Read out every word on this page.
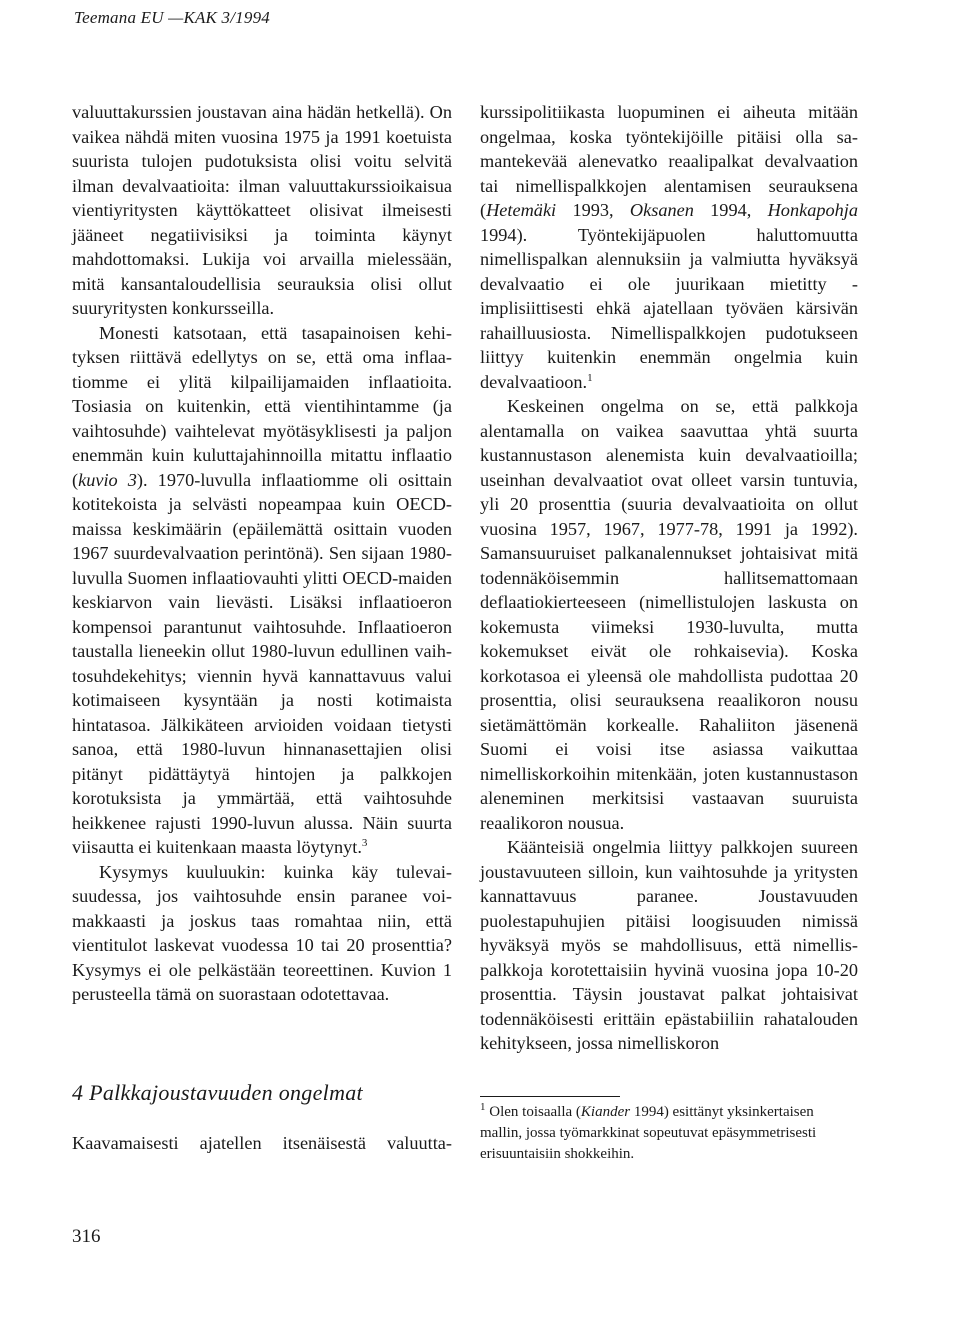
Teemana EU —KAK 3/1994

valuuttakurssien joustavan aina hädän hetkellä). On vaikea nähdä miten vuosina 1975 ja 1991 koetuista suurista tulojen pudotuksista olisi voitu selvitä ilman devalvaatioita: ilman valuuttakurssioikaisua vientiyritysten käyttökatteet olisivat ilmeisesti jääneet negatiivisiksi ja toiminta käynyt mahdottomaksi. Lukija voi arvailla mielessään, mitä kansantaloudellisia seurauksia olisi ollut suuryritysten konkursseilla.

Monesti katsotaan, että tasapainoisen kehityksen riittävä edellytys on se, että oma inflaatiomme ei ylitä kilpailijamaiden inflaatioita. Tosiasia on kuitenkin, että vientihintamme (ja vaihtosuhde) vaihtelevat myötäsyklisesti ja paljon enemmän kuin kuluttajahinnoilla mitattu inflaatio (kuvio 3). 1970-luvulla inflaatiomme oli osittain kotitekoista ja selvästi nopeampaa kuin OECD-maissa keskimäärin (epäilemättä osittain vuoden 1967 suurdevalvaation perintönä). Sen sijaan 1980-luvulla Suomen inflaatiovauhti ylitti OECD-maiden keskiarvon vain lievästi. Lisäksi inflaatioeron kompensoi parantunut vaihtosuhde. Inflaatioeron taustalla lieneekin ollut 1980-luvun edullinen vaihtosuhdekehitys; viennin hyvä kannattavuus valui kotimaiseen kysyntään ja nosti kotimaista hintatasoa. Jälkikäteen arvioiden voidaan tietysti sanoa, että 1980-luvun hinnanasettajien olisi pitänyt pidättäytyä hintojen ja palkkojen korotuksista ja ymmärtää, että vaihtosuhde heikkenee rajusti 1990-luvun alussa. Näin suurta viisautta ei kuitenkaan maasta löytynyt.$^3$

Kysymys kuuluukin: kuinka käy tulevaisuudessa, jos vaihtosuhde ensin paranee voimakkaasti ja joskus taas romahtaa niin, että vientitulot laskevat vuodessa 10 tai 20 prosenttia? Kysymys ei ole pelkästään teoreettinen. Kuvion 1 perusteella tämä on suorastaan odotettavaa.

4 Palkkajoustavuuden ongelmat
Kaavamaisesti ajatellen itsenäisestä valuutta-

kurssipolitiikasta luopuminen ei aiheuta mitään ongelmaa, koska työntekijöille pitäisi olla samantekevää alenevatko reaalipalkat devalvaation tai nimellispalkkojen alentamisen seurauksena (Hetemäki 1993, Oksanen 1994, Honkapohja 1994). Työntekijäpuolen haluttomuutta nimellispalkan alennuksiin ja valmiutta hyväksyä devalvaatio ei ole juurikaan mietitty - implisiittisesti ehkä ajatellaan työväen kärsivän rahailluusiosta. Nimellispalkkojen pudotukseen liittyy kuitenkin enemmän ongelmia kuin devalvaatioon.$^1$

Keskeinen ongelma on se, että palkkoja alentamalla on vaikea saavuttaa yhtä suurta kustannustason alenemista kuin devalvaatioilla; useinhan devalvaatiot ovat olleet varsin tuntuvia, yli 20 prosenttia (suuria devalvaatioita on ollut vuosina 1957, 1967, 1977-78, 1991 ja 1992). Samansuuruiset palkanalennukset johtaisivat mitä todennäköisemmin hallitsemattomaan deflaatiokierteeseen (nimellistulojen laskusta on kokemusta viimeksi 1930-luvulta, mutta kokemukset eivät ole rohkaisevia). Koska korkotasoa ei yleensä ole mahdollista pudottaa 20 prosenttia, olisi seurauksena reaalikoron nousu sietämättömän korkealle. Rahaliiton jäsenenä Suomi ei voisi itse asiassa vaikuttaa nimelliskorkoihin mitenkään, joten kustannustason aleneminen merkitsisi vastaavan suuruista reaalikoron nousua.

Käänteisiä ongelmia liittyy palkkojen suureen joustavuuteen silloin, kun vaihtosuhde ja yritysten kannattavuus paranee. Joustavuuden puolestapuhujien pitäisi loogisuuden nimissä hyväksyä myös se mahdollisuus, että nimellispalkkoja korotettaisiin hyvinä vuosina jopa 10-20 prosenttia. Täysin joustavat palkat johtaisivat todennäköisesti erittäin epästabiiliin rahatalouden kehitykseen, jossa nimelliskoron

$^1$ Olen toisaalla (Kiander 1994) esittänyt yksinkertaisen mallin, jossa työmarkkinat sopeutuvat epäsymmetrisesti erisuuntaisiin shokkeihin.
316
